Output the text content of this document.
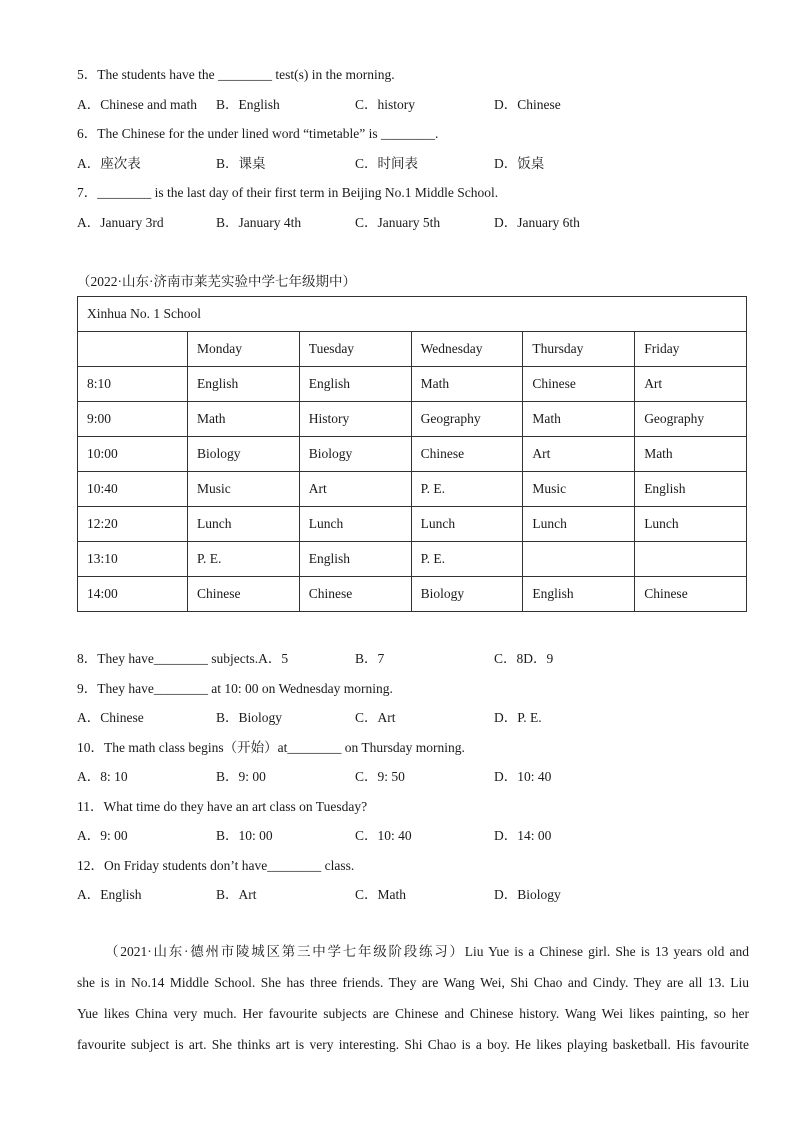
5．The students have the ________ test(s) in the morning.
A．Chinese and math B．English	C．history	D．Chinese
6．The Chinese for the under lined word “timetable” is ________.
A．座次表	B．课桌	C．时间表	D．饭桌
7．________ is the last day of their first term in Beijing No.1 Middle School.
A．January 3rd	B．January 4th	C．January 5th	D．January 6th
（2022·山东·济南市莱芜实验中学七年级期中）
Xinhua No. 1 School					
	Monday	Tuesday	Wednesday	Thursday	Friday
8:10	English	English	Math	Chinese	Art
9:00	Math	History	Geography	Math	Geography
10:00	Biology	Biology	Chinese	Art	Math
10:40	Music	Art	P. E.	Music	English
12:20	Lunch	Lunch	Lunch	Lunch	Lunch
13:10	P. E.	English	P. E.		
14:00	Chinese	Chinese	Biology	English	Chinese
8．They have________ subjects.A．5	B．7	C．8D．9
9．They have________ at 10: 00 on Wednesday morning.
A．Chinese	B．Biology	C．Art	D．P. E.
10．The math class begins（开始）at________ on Thursday morning.
A．8: 10	B．9: 00	C．9: 50	D．10: 40
11．What time do they have an art class on Tuesday?
A．9: 00	B．10: 00	C．10: 40	D．14: 00
12．On Friday students don’t have________ class.
A．English	B．Art	C．Math	D．Biology
（2021·山东·德州市陵城区第三中学七年级阶段练习）Liu Yue is a Chinese girl. She is 13 years old and
she is in No.14 Middle School. She has three friends. They are Wang Wei, Shi Chao and Cindy. They are all 13. Liu
Yue likes China very much. Her favourite subjects are Chinese and Chinese history. Wang Wei likes painting, so her
favourite subject is art. She thinks art is very interesting. Shi Chao is a boy. He likes playing basketball. His favourite
